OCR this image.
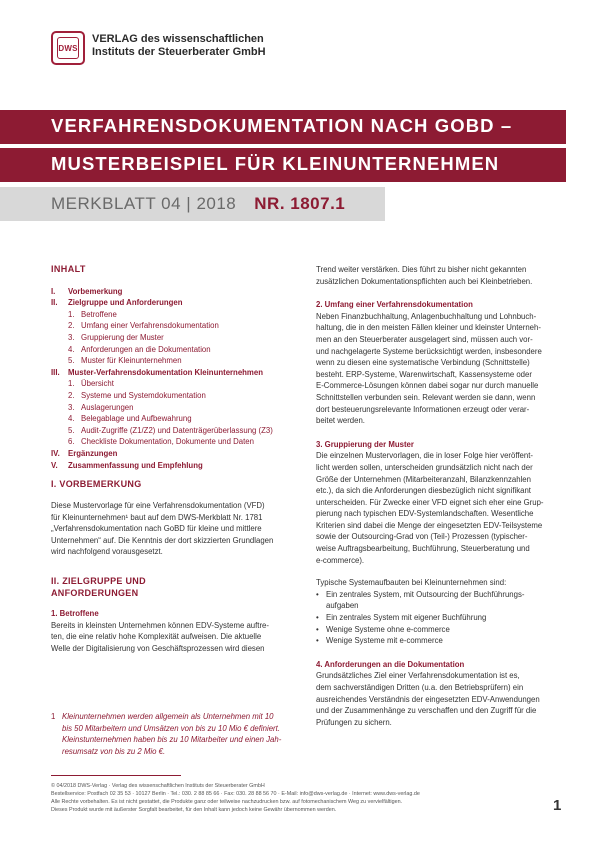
DWS
VERLAG des wissenschaftlichen
Instituts der Steuerberater GmbH
VERFAHRENSDOKUMENTATION NACH GOBD –
MUSTERBEISPIEL FÜR KLEINUNTERNEHMEN
MERKBLATT 04 | 2018 NR. 1807.1
INHALT
I.	Vorbemerkung
II.	Zielgruppe und Anforderungen
1. Betroffene
2. Umfang einer Verfahrensdokumentation
3. Gruppierung der Muster
4. Anforderungen an die Dokumentation
5. Muster für Kleinunternehmen
III.	Muster-Verfahrensdokumentation Kleinunternehmen
1. Übersicht
2. Systeme und Systemdokumentation
3. Auslagerungen
4. Belegablage und Aufbewahrung
5. Audit-Zugriffe (Z1/Z2) und Datenträgerüberlassung (Z3)
6. Checkliste Dokumentation, Dokumente und Daten
IV.	Ergänzungen
V.	Zusammenfassung und Empfehlung
I. VORBEMERKUNG
Diese Mustervorlage für eine Verfahrensdokumentation (VFD)
für Kleinunternehmen¹ baut auf dem DWS-Merkblatt Nr. 1781
„Verfahrensdokumentation nach GoBD für kleine und mittlere
Unternehmen“ auf. Die Kenntnis der dort skizzierten Grundlagen
wird nachfolgend vorausgesetzt.
II. ZIELGRUPPE UND
ANFORDERUNGEN
1. Betroffene
Bereits in kleinsten Unternehmen können EDV-Systeme auftre-
ten, die eine relativ hohe Komplexität aufweisen. Die aktuelle
Welle der Digitalisierung von Geschäftsprozessen wird diesen
1 Kleinunternehmen werden allgemein als Unternehmen mit 10
bis 50 Mitarbeitern und Umsätzen von bis zu 10 Mio € definiert.
Kleinstunternehmen haben bis zu 10 Mitarbeiter und einen Jah-
resumsatz von bis zu 2 Mio €.
Trend weiter verstärken. Dies führt zu bisher nicht gekannten
zusätzlichen Dokumentationspflichten auch bei Kleinbetrieben.
2. Umfang einer Verfahrensdokumentation
Neben Finanzbuchhaltung, Anlagenbuchhaltung und Lohnbuch-
haltung, die in den meisten Fällen kleiner und kleinster Unterneh-
men an den Steuerberater ausgelagert sind, müssen auch vor-
und nachgelagerte Systeme berücksichtigt werden, insbesondere
wenn zu diesen eine systematische Verbindung (Schnittstelle)
besteht. ERP-Systeme, Warenwirtschaft, Kassensysteme oder
E-Commerce-Lösungen können dabei sogar nur durch manuelle
Schnittstellen verbunden sein. Relevant werden sie dann, wenn
dort besteuerungsrelevante Informationen erzeugt oder verar-
beitet werden.
3. Gruppierung der Muster
Die einzelnen Mustervorlagen, die in loser Folge hier veröffent-
licht werden sollen, unterscheiden grundsätzlich nicht nach der
Größe der Unternehmen (Mitarbeiteranzahl, Bilanzkennzahlen
etc.), da sich die Anforderungen diesbezüglich nicht signifikant
unterscheiden. Für Zwecke einer VFD eignet sich eher eine Grup-
pierung nach typischen EDV-Systemlandschaften. Wesentliche
Kriterien sind dabei die Menge der eingesetzten EDV-Teilsysteme
sowie der Outsourcing-Grad von (Teil-) Prozessen (typischer-
weise Auftragsbearbeitung, Buchführung, Steuerberatung und
e-commerce).
Typische Systemaufbauten bei Kleinunternehmen sind:
• Ein zentrales System, mit Outsourcing der Buchführungs-
aufgaben
• Ein zentrales System mit eigener Buchführung
• Wenige Systeme ohne e-commerce
• Wenige Systeme mit e-commerce
4. Anforderungen an die Dokumentation
Grundsätzliches Ziel einer Verfahrensdokumentation ist es,
dem sachverständigen Dritten (u.a. den Betriebsprüfern) ein
ausreichendes Verständnis der eingesetzten EDV-Anwendungen
und der Zusammenhänge zu verschaffen und den Zugriff für die
Prüfungen zu sichern.
© 04/2018 DWS-Verlag · Verlag des wissenschaftlichen Instituts der Steuerberater GmbH
Bestellservice: Postfach 02 35 53 · 10127 Berlin · Tel.: 030. 2 88 85 66 · Fax: 030. 28 88 56 70 · E-Mail: info@dws-verlag.de · Internet: www.dws-verlag.de
Alle Rechte vorbehalten. Es ist nicht gestattet, die Produkte ganz oder teilweise nachzudrucken bzw. auf fotomechanischem Weg zu vervielfältigen.
Dieses Produkt wurde mit äußerster Sorgfalt bearbeitet, für den Inhalt kann jedoch keine Gewähr übernommen werden.	1
